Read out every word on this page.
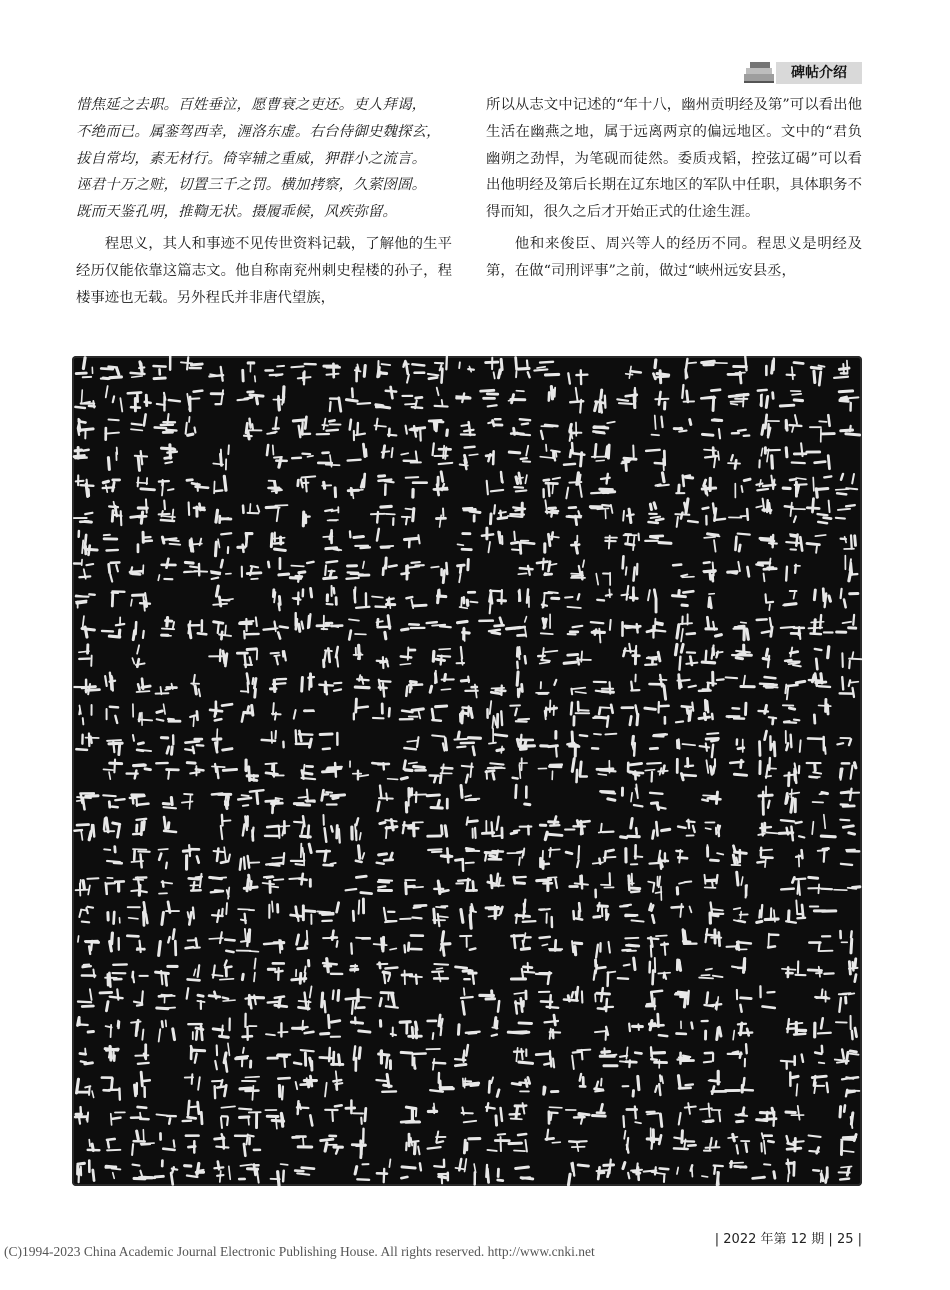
碑帖介绍
惜焦延之去职。百姓垂泣，愿曹衰之吏还。吏人拜谒，
不绝而已。属銮驾西幸，湹洛东虚。右台侍御史魏探玄，
拔自常均，素无材行。倚宰辅之重威，狎群小之流言。
诬君十万之赃，切置三千之罚。横加拷察，久萦囹圄。
既而天鉴孔明，推鞫无状。摄履乖候，风疾弥留。

程思义，其人和事迹不见传世资料记载，了解他的生平经历仅能依靠这篇志文。他自称南兖州刺史程楼的孙子，程楼事迹也无载。另外程氏并非唐代望族，

所以从志文中记述的“年十八，幽州贡明经及第”可以看出他生活在幽燕之地，属于远离两京的偏远地区。文中的“君负幽朔之劲悍，为笔砚而徒然。委质戎韬，控弦辽碣”可以看出他明经及第后长期在辽东地区的军队中任职，具体职务不得而知，很久之后才开始正式的仕途生涯。

他和来俊臣、周兴等人的经历不同。程思义是明经及第，在做“司刑评事”之前，做过“峡州远安县丞，

| 2022 年第 12 期 | 25 |
(C)1994-2023 China Academic Journal Electronic Publishing House. All rights reserved. http://www.cnki.net
